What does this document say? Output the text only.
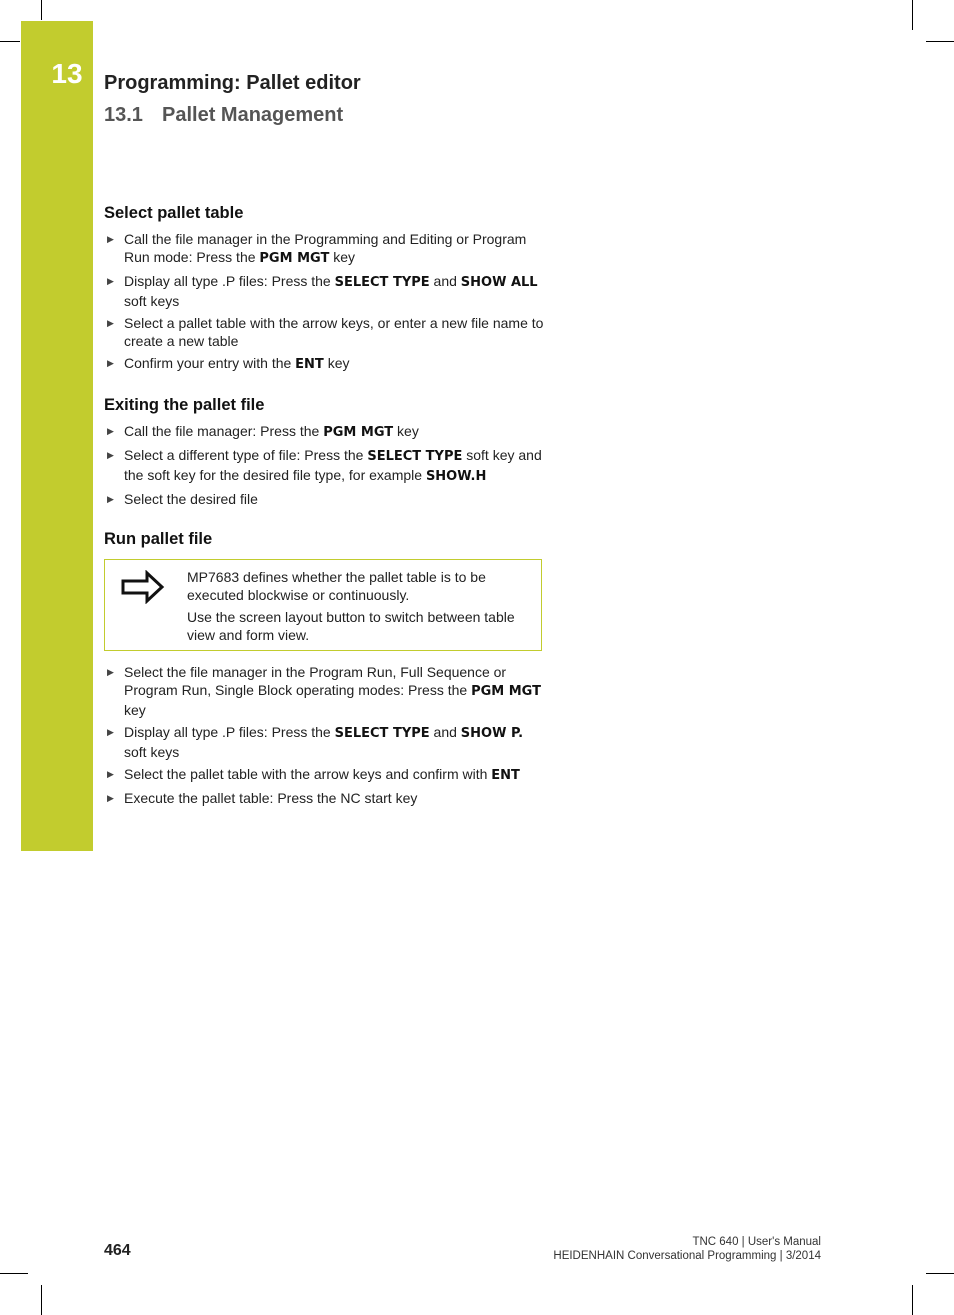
13	Programming: Pallet editor
13.1 Pallet Management
Select pallet table
▶ Call the file manager in the Programming and Editing or Program Run mode: Press the PGM MGT key
▶ Display all type .P files: Press the SELECT TYPE and SHOW ALL soft keys
▶ Select a pallet table with the arrow keys, or enter a new file name to create a new table
▶ Confirm your entry with the ENT key
Exiting the pallet file
▶ Call the file manager: Press the PGM MGT key
▶ Select a different type of file: Press the SELECT TYPE soft key and the soft key for the desired file type, for example SHOW.H
▶ Select the desired file
Run pallet file

MP7683 defines whether the pallet table is to be executed blockwise or continuously.

Use the screen layout button to switch between table view and form view.

▶ Select the file manager in the Program Run, Full Sequence or Program Run, Single Block operating modes: Press the PGM MGT key
▶ Display all type .P files: Press the SELECT TYPE and SHOW P. soft keys
▶ Select the pallet table with the arrow keys and confirm with ENT
▶ Execute the pallet table: Press the NC start key
464	TNC 640 | User's Manual
HEIDENHAIN Conversational Programming | 3/2014
